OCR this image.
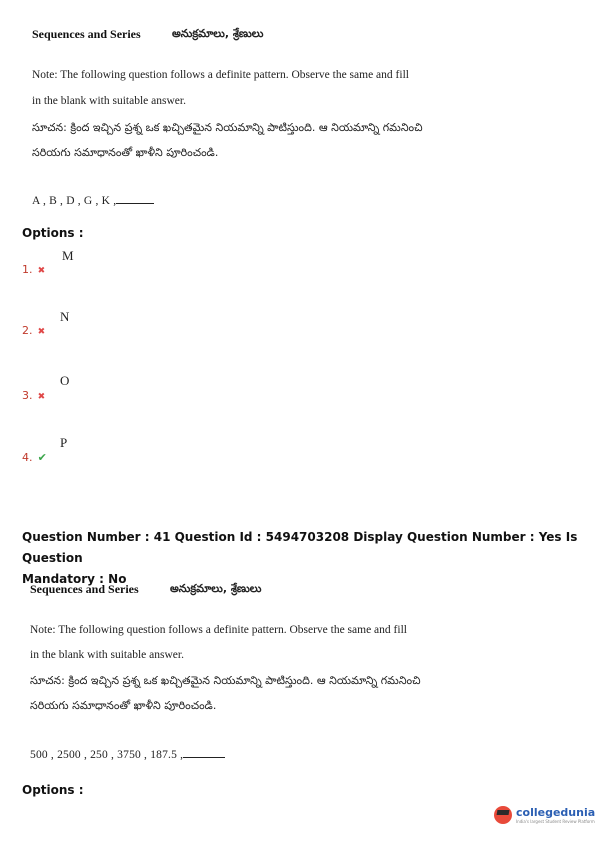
Sequences and Series	అనుక్రమాలు, శ్రేణులు
Note: The following question follows a definite pattern. Observe the same and fill
in the blank with suitable answer.
సూచన: క్రింద ఇచ్చిన ప్రశ్న ఒక ఖచ్చితమైన నియమాన్ని పాటిస్తుంది. ఆ నియమాన్ని గమనించి
సరియగు సమాధానంతో ఖాళీని పూరించండి.
A , B , D , G , K ,
Options :
1. ✖
M
2. ✖
N
3. ✖
O
4. ✔
P
Question Number : 41 Question Id : 5494703208 Display Question Number : Yes Is Question
Mandatory : No
Sequences and Series	అనుక్రమాలు, శ్రేణులు
Note: The following question follows a definite pattern. Observe the same and fill
in the blank with suitable answer.
సూచన: క్రింద ఇచ్చిన ప్రశ్న ఒక ఖచ్చితమైన నియమాన్ని పాటిస్తుంది. ఆ నియమాన్ని గమనించి
సరియగు సమాధానంతో ఖాళీని పూరించండి.
500 , 2500 , 250 , 3750 , 187.5 ,
Options :
collegedunia
India's largest Student Review Platform
